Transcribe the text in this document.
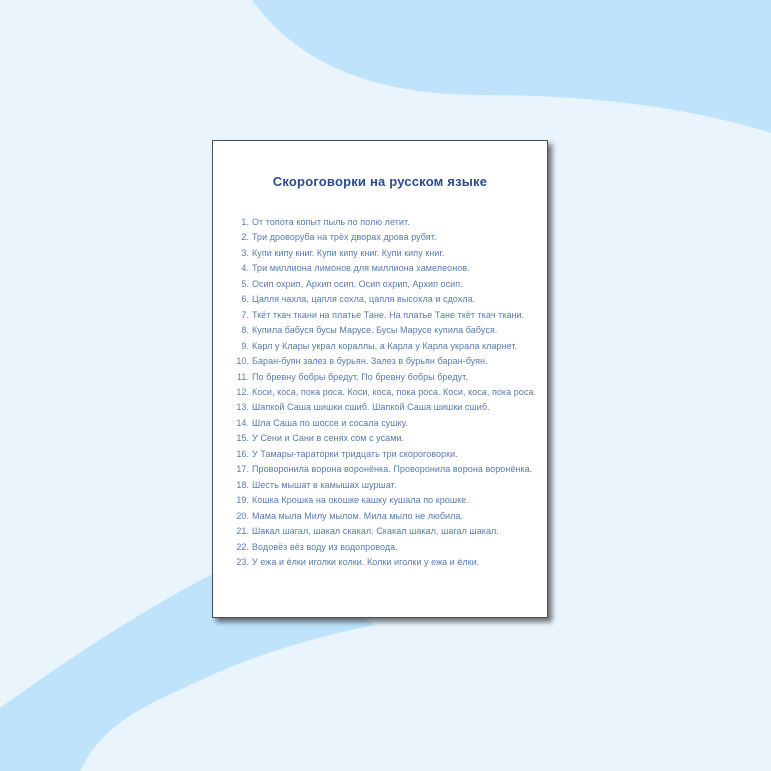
Скороговорки на русском языке
1. От топота копыт пыль по полю летит.
2. Три дроворуба на трёх дворах дрова рубят.
3. Купи кипу книг. Купи кипу книг. Купи кипу книг.
4. Три миллиона лимонов для миллиона хамелеонов.
5. Осип охрип, Архип осип. Осип охрип, Архип осип.
6. Цапля чахла, цапля сохла, цапля высохла и сдохла.
7. Ткёт ткач ткани на платье Тане. На платье Тане ткёт ткач ткани.
8. Купила бабуся бусы Марусе. Бусы Марусе купила бабуся.
9. Карл у Клары украл кораллы, а Карла у Карла украла кларнет.
10. Баран-буян залез в бурьян. Залез в бурьян баран-буян.
11. По бревну бобры бредут. По бревну бобры бредут.
12. Коси, коса, пока роса. Коси, коса, пока роса. Коси, коса, пока роса.
13. Шапкой Саша шишки сшиб. Шапкой Саша шишки сшиб.
14. Шла Саша по шоссе и сосала сушку.
15. У Сени и Сани в сенях сом с усами.
16. У Тамары-тараторки тридцать три скороговорки.
17. Проворонила ворона воронёнка. Проворонила ворона воронёнка.
18. Шесть мышат в камышах шуршат.
19. Кошка Крошка на окошке кашку кушала по крошке.
20. Мама мыла Милу мылом. Мила мыло не любила.
21. Шакал шагал, шакал скакал. Скакал шакал, шагал шакал.
22. Водовёз вёз воду из водопровода.
23. У ежа и ёлки иголки колки. Колки иголки у ежа и ёлки.
